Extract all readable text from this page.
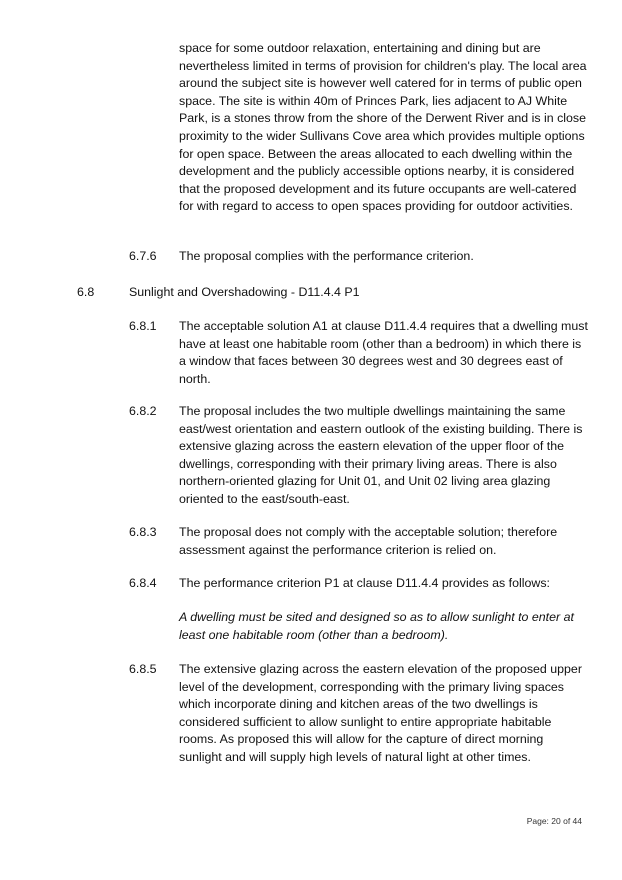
space for some outdoor relaxation, entertaining and dining but are nevertheless limited in terms of provision for children's play. The local area around the subject site is however well catered for in terms of public open space. The site is within 40m of Princes Park, lies adjacent to AJ White Park, is a stones throw from the shore of the Derwent River and is in close proximity to the wider Sullivans Cove area which provides multiple options for open space. Between the areas allocated to each dwelling within the development and the publicly accessible options nearby, it is considered that the proposed development and its future occupants are well-catered for with regard to access to open spaces providing for outdoor activities.

6.7.6 The proposal complies with the performance criterion.

6.8	Sunlight and Overshadowing - D11.4.4 P1

6.8.1 The acceptable solution A1 at clause D11.4.4 requires that a dwelling must have at least one habitable room (other than a bedroom) in which there is a window that faces between 30 degrees west and 30 degrees east of north.

6.8.2 The proposal includes the two multiple dwellings maintaining the same east/west orientation and eastern outlook of the existing building. There is extensive glazing across the eastern elevation of the upper floor of the dwellings, corresponding with their primary living areas. There is also northern-oriented glazing for Unit 01, and Unit 02 living area glazing oriented to the east/south-east.

6.8.3 The proposal does not comply with the acceptable solution; therefore assessment against the performance criterion is relied on.

6.8.4 The performance criterion P1 at clause D11.4.4 provides as follows:

A dwelling must be sited and designed so as to allow sunlight to enter at least one habitable room (other than a bedroom).

6.8.5 The extensive glazing across the eastern elevation of the proposed upper level of the development, corresponding with the primary living spaces which incorporate dining and kitchen areas of the two dwellings is considered sufficient to allow sunlight to entire appropriate habitable rooms. As proposed this will allow for the capture of direct morning sunlight and will supply high levels of natural light at other times.

Page: 20 of 44
